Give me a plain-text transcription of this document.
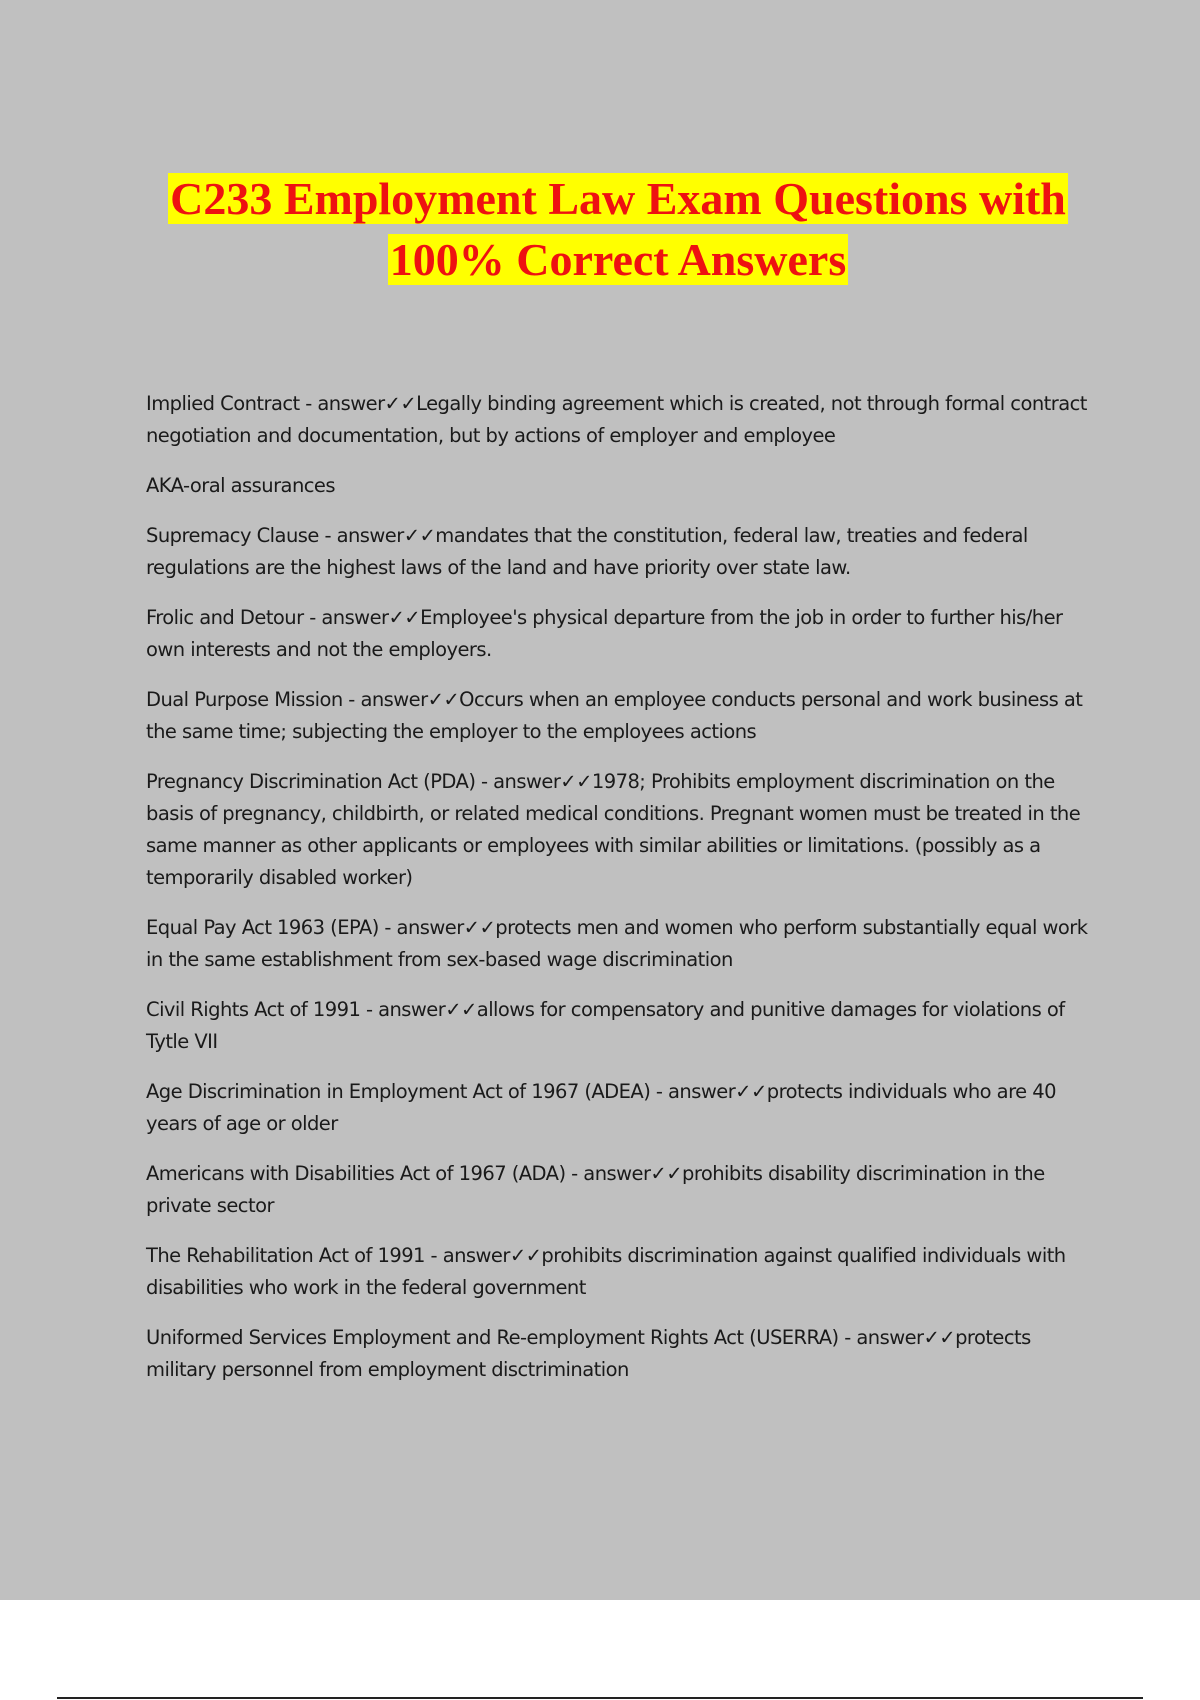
C233 Employment Law Exam Questions with
100% Correct Answers

Implied Contract - answer✓✓Legally binding agreement which is created, not through formal contract negotiation and documentation, but by actions of employer and employee

AKA-oral assurances

Supremacy Clause - answer✓✓mandates that the constitution, federal law, treaties and federal regulations are the highest laws of the land and have priority over state law.

Frolic and Detour - answer✓✓Employee's physical departure from the job in order to further his/her own interests and not the employers.

Dual Purpose Mission - answer✓✓Occurs when an employee conducts personal and work business at the same time; subjecting the employer to the employees actions

Pregnancy Discrimination Act (PDA) - answer✓✓1978; Prohibits employment discrimination on the basis of pregnancy, childbirth, or related medical conditions. Pregnant women must be treated in the same manner as other applicants or employees with similar abilities or limitations. (possibly as a temporarily disabled worker)

Equal Pay Act 1963 (EPA) - answer✓✓protects men and women who perform substantially equal work in the same establishment from sex-based wage discrimination

Civil Rights Act of 1991 - answer✓✓allows for compensatory and punitive damages for violations of Tytle VII

Age Discrimination in Employment Act of 1967 (ADEA) - answer✓✓protects individuals who are 40 years of age or older

Americans with Disabilities Act of 1967 (ADA) - answer✓✓prohibits disability discrimination in the private sector

The Rehabilitation Act of 1991 - answer✓✓prohibits discrimination against qualified individuals with disabilities who work in the federal government

Uniformed Services Employment and Re-employment Rights Act (USERRA) - answer✓✓protects military personnel from employment disctrimination
